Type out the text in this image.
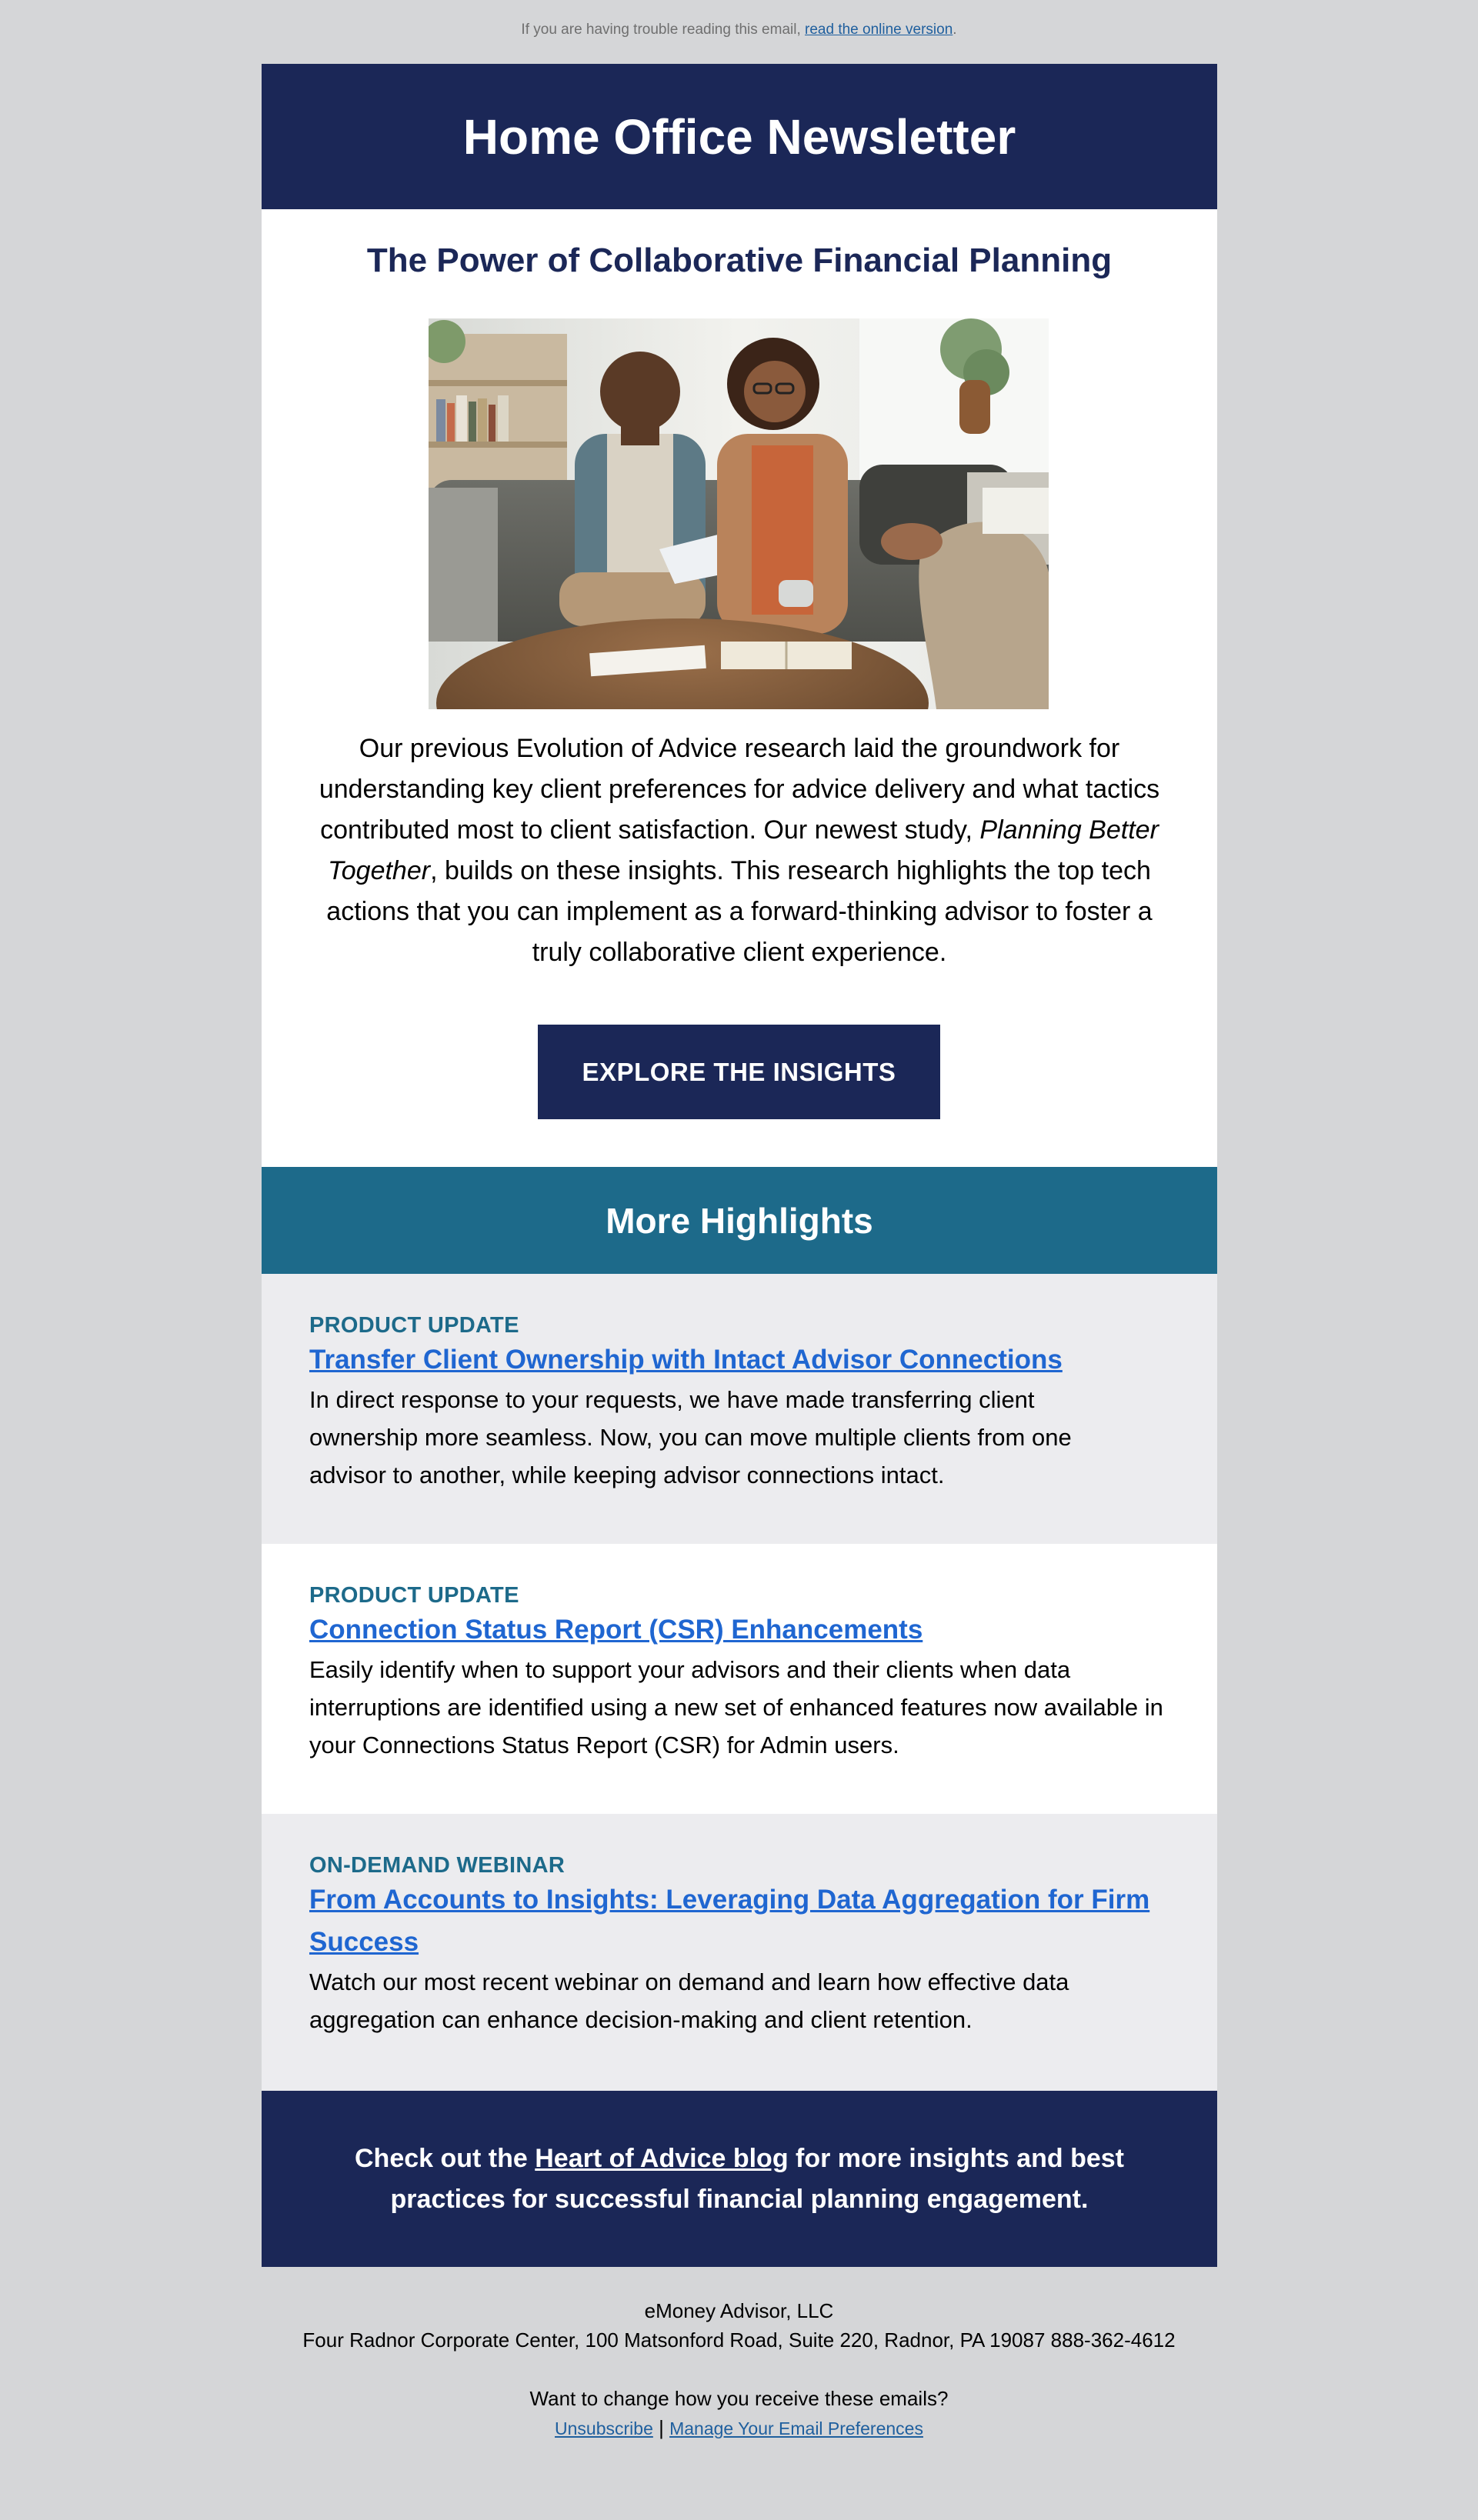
If you are having trouble reading this email, read the online version.
Home Office Newsletter
The Power of Collaborative Financial Planning

Our previous Evolution of Advice research laid the groundwork for understanding key client preferences for advice delivery and what tactics contributed most to client satisfaction. Our newest study, Planning Better Together, builds on these insights. This research highlights the top tech actions that you can implement as a forward-thinking advisor to foster a truly collaborative client experience.

EXPLORE THE INSIGHTS
More Highlights
PRODUCT UPDATE
Transfer Client Ownership with Intact Advisor Connections

In direct response to your requests, we have made transferring client ownership more seamless. Now, you can move multiple clients from one advisor to another, while keeping advisor connections intact.

PRODUCT UPDATE
Connection Status Report (CSR) Enhancements

Easily identify when to support your advisors and their clients when data interruptions are identified using a new set of enhanced features now available in your Connections Status Report (CSR) for Admin users.

ON-DEMAND WEBINAR
From Accounts to Insights: Leveraging Data Aggregation for Firm Success

Watch our most recent webinar on demand and learn how effective data aggregation can enhance decision-making and client retention.

Check out the Heart of Advice blog for more insights and best practices for successful financial planning engagement.

eMoney Advisor, LLC
Four Radnor Corporate Center, 100 Matsonford Road, Suite 220, Radnor, PA 19087 888-362-4612
Want to change how you receive these emails?
Unsubscribe | Manage Your Email Preferences
